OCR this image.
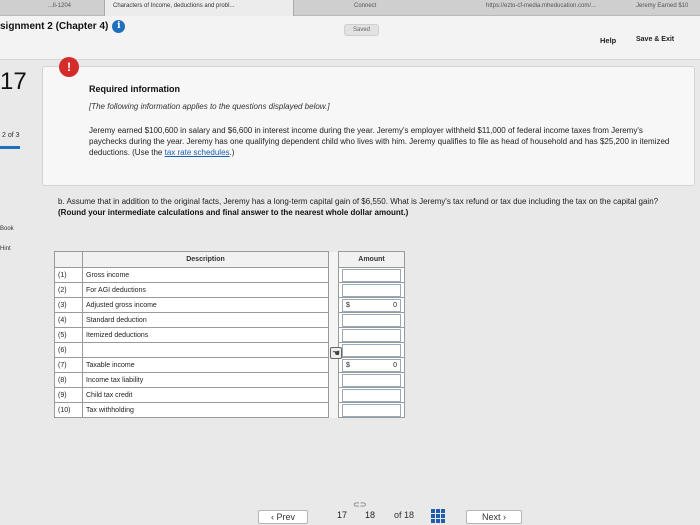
...ll-1204	Characters of Income, deductions and probl...	Connect	https://ezto-cf-media.mheducation.com/...	Jeremy Earned $10
signment 2 (Chapter 4) i	Saved
Help	Save & Exit
17
2 of 3
Book
Hint
!
Required information
[The following information applies to the questions displayed below.]
Jeremy earned $100,600 in salary and $6,600 in interest income during the year. Jeremy's employer withheld $11,000 of federal income taxes from Jeremy's paychecks during the year. Jeremy has one qualifying dependent child who lives with him. Jeremy qualifies to file as head of household and has $25,200 in itemized deductions. (Use the tax rate schedules.)
b. Assume that in addition to the original facts, Jeremy has a long-term capital gain of $6,550. What is Jeremy's tax refund or tax due including the tax on the capital gain? (Round your intermediate calculations and final answer to the nearest whole dollar amount.)
	Description		Amount
(1)	Gross income		

(2)	For AGI deductions		

(3)	Adjusted gross income		$ 0

(4)	Standard deduction		

(5)	Itemized deductions		

(6)			

(7)	Taxable income		$ 0

(8)	Income tax liability		

(9)	Child tax credit		

(10)	Tax withholding		
☚
‹ Prev
⊂⊃
17 18 of 18	Next ›
